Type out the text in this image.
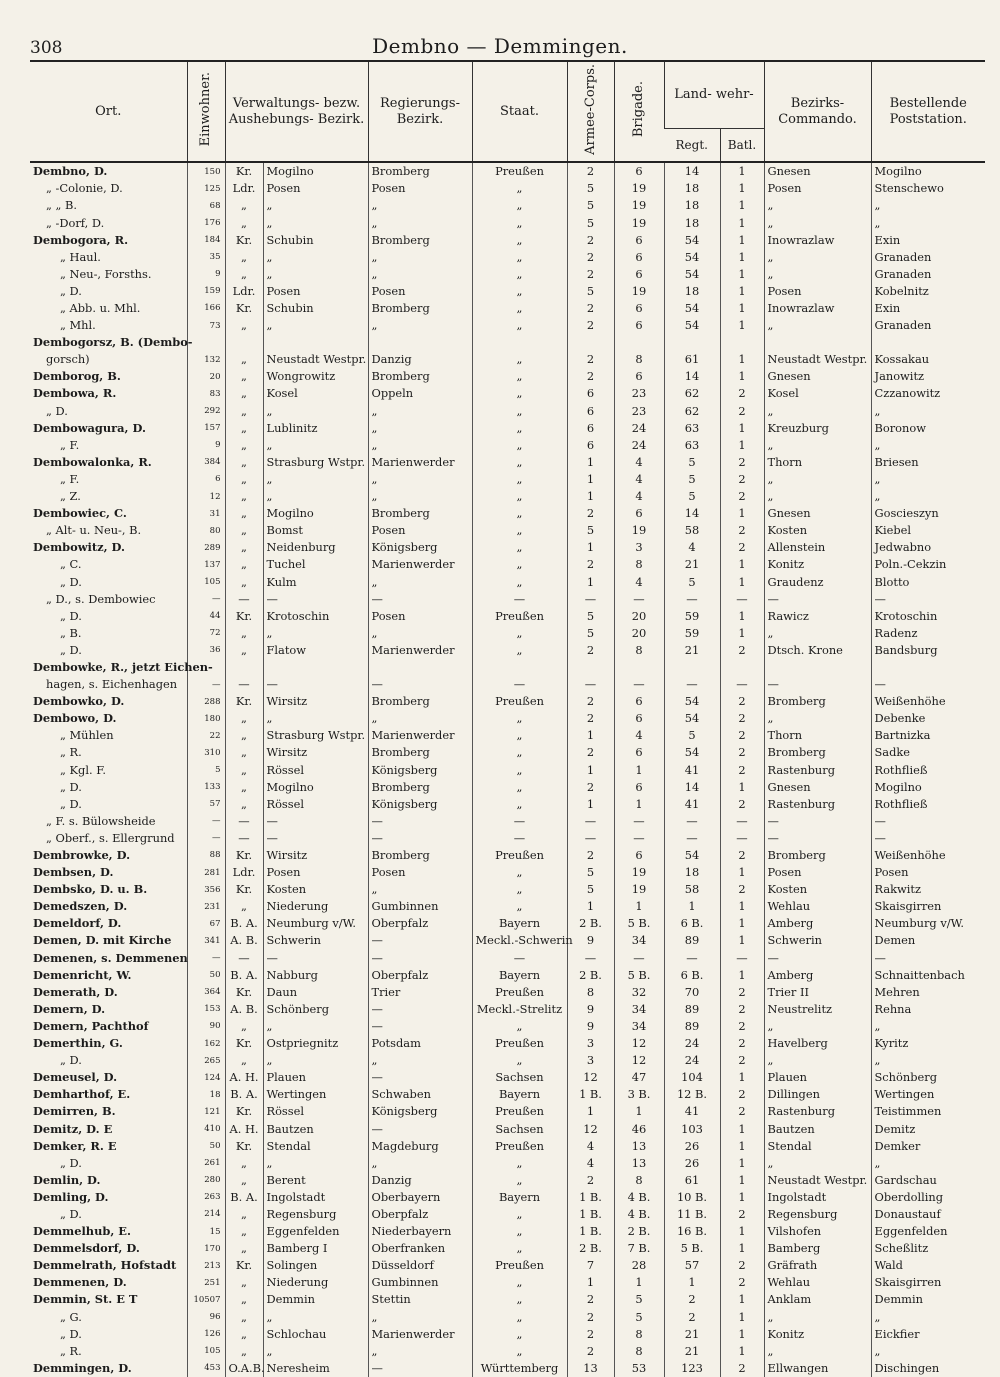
308	Dembno — Demmingen.
Ort.	Einwohner.	Verwaltungs- bezw. Aushebungs- Bezirk.		Regierungs- Bezirk.	Staat.	Armee-Corps.	Brigade.	Land- wehr-		Bezirks- Commando.	Bestellende Poststation.
								Regt.	Batl.		
Dembno, D.	150	Kr.	Mogilno	Bromberg	Preußen	2	6	14	1	Gnesen	Mogilno
„ -Colonie, D.	125	Ldr.	Posen	Posen	„	5	19	18	1	Posen	Stenschewo
„ „ B.	68	„	„	„	„	5	19	18	1	„	„
„ -Dorf, D.	176	„	„	„	„	5	19	18	1	„	„
Dembogora, R.	184	Kr.	Schubin	Bromberg	„	2	6	54	1	Inowrazlaw	Exin
„ Haul.	35	„	„	„	„	2	6	54	1	„	Granaden
„ Neu-, Forsths.	9	„	„	„	„	2	6	54	1	„	Granaden
„ D.	159	Ldr.	Posen	Posen	„	5	19	18	1	Posen	Kobelnitz
„ Abb. u. Mhl.	166	Kr.	Schubin	Bromberg	„	2	6	54	1	Inowrazlaw	Exin
„ Mhl.	73	„	„	„	„	2	6	54	1	„	Granaden
Dembogorsz, B. (Dembo-											
gorsch)	132	„	Neustadt Westpr.	Danzig	„	2	8	61	1	Neustadt Westpr.	Kossakau
Demborog, B.	20	„	Wongrowitz	Bromberg	„	2	6	14	1	Gnesen	Janowitz
Dembowa, R.	83	„	Kosel	Oppeln	„	6	23	62	2	Kosel	Czzanowitz
„ D.	292	„	„	„	„	6	23	62	2	„	„
Dembowagura, D.	157	„	Lublinitz	„	„	6	24	63	1	Kreuzburg	Boronow
„ F.	9	„	„	„	„	6	24	63	1	„	„
Dembowalonka, R.	384	„	Strasburg Wstpr.	Marienwerder	„	1	4	5	2	Thorn	Briesen
„ F.	6	„	„	„	„	1	4	5	2	„	„
„ Z.	12	„	„	„	„	1	4	5	2	„	„
Dembowiec, C.	31	„	Mogilno	Bromberg	„	2	6	14	1	Gnesen	Goscieszyn
„ Alt- u. Neu-, B.	80	„	Bomst	Posen	„	5	19	58	2	Kosten	Kiebel
Dembowitz, D.	289	„	Neidenburg	Königsberg	„	1	3	4	2	Allenstein	Jedwabno
„ C.	137	„	Tuchel	Marienwerder	„	2	8	21	1	Konitz	Poln.-Cekzin
„ D.	105	„	Kulm	„	„	1	4	5	1	Graudenz	Blotto
„ D., s. Dembowiec	—	—	—	—	—	—	—	—	—	—	—
„ D.	44	Kr.	Krotoschin	Posen	Preußen	5	20	59	1	Rawicz	Krotoschin
„ B.	72	„	„	„	„	5	20	59	1	„	Radenz
„ D.	36	„	Flatow	Marienwerder	„	2	8	21	2	Dtsch. Krone	Bandsburg
Dembowke, R., jetzt Eichen-											
hagen, s. Eichenhagen	—	—	—	—	—	—	—	—	—	—	—
Dembowko, D.	288	Kr.	Wirsitz	Bromberg	Preußen	2	6	54	2	Bromberg	Weißenhöhe
Dembowo, D.	180	„	„	„	„	2	6	54	2	„	Debenke
„ Mühlen	22	„	Strasburg Wstpr.	Marienwerder	„	1	4	5	2	Thorn	Bartnizka
„ R.	310	„	Wirsitz	Bromberg	„	2	6	54	2	Bromberg	Sadke
„ Kgl. F.	5	„	Rössel	Königsberg	„	1	1	41	2	Rastenburg	Rothfließ
„ D.	133	„	Mogilno	Bromberg	„	2	6	14	1	Gnesen	Mogilno
„ D.	57	„	Rössel	Königsberg	„	1	1	41	2	Rastenburg	Rothfließ
„ F. s. Bülowsheide	—	—	—	—	—	—	—	—	—	—	—
„ Oberf., s. Ellergrund	—	—	—	—	—	—	—	—	—	—	—
Dembrowke, D.	88	Kr.	Wirsitz	Bromberg	Preußen	2	6	54	2	Bromberg	Weißenhöhe
Dembsen, D.	281	Ldr.	Posen	Posen	„	5	19	18	1	Posen	Posen
Dembsko, D. u. B.	356	Kr.	Kosten	„	„	5	19	58	2	Kosten	Rakwitz
Demedszen, D.	231	„	Niederung	Gumbinnen	„	1	1	1	1	Wehlau	Skaisgirren
Demeldorf, D.	67	B. A.	Neumburg v/W.	Oberpfalz	Bayern	2 B.	5 B.	6 B.	1	Amberg	Neumburg v/W.
Demen, D. mit Kirche	341	A. B.	Schwerin	—	Meckl.-Schwerin	9	34	89	1	Schwerin	Demen
Demenen, s. Demmenen	—	—	—	—	—	—	—	—	—	—	—
Demenricht, W.	50	B. A.	Nabburg	Oberpfalz	Bayern	2 B.	5 B.	6 B.	1	Amberg	Schnaittenbach
Demerath, D.	364	Kr.	Daun	Trier	Preußen	8	32	70	2	Trier II	Mehren
Demern, D.	153	A. B.	Schönberg	—	Meckl.-Strelitz	9	34	89	2	Neustrelitz	Rehna
Demern, Pachthof	90	„	„	—	„	9	34	89	2	„	„
Demerthin, G.	162	Kr.	Ostpriegnitz	Potsdam	Preußen	3	12	24	2	Havelberg	Kyritz
„ D.	265	„	„	„	„	3	12	24	2	„	„
Demeusel, D.	124	A. H.	Plauen	—	Sachsen	12	47	104	1	Plauen	Schönberg
Demharthof, E.	18	B. A.	Wertingen	Schwaben	Bayern	1 B.	3 B.	12 B.	2	Dillingen	Wertingen
Demirren, B.	121	Kr.	Rössel	Königsberg	Preußen	1	1	41	2	Rastenburg	Teistimmen
Demitz, D. E	410	A. H.	Bautzen	—	Sachsen	12	46	103	1	Bautzen	Demitz
Demker, R. E	50	Kr.	Stendal	Magdeburg	Preußen	4	13	26	1	Stendal	Demker
„ D.	261	„	„	„	„	4	13	26	1	„	„
Demlin, D.	280	„	Berent	Danzig	„	2	8	61	1	Neustadt Westpr.	Gardschau
Demling, D.	263	B. A.	Ingolstadt	Oberbayern	Bayern	1 B.	4 B.	10 B.	1	Ingolstadt	Oberdolling
„ D.	214	„	Regensburg	Oberpfalz	„	1 B.	4 B.	11 B.	2	Regensburg	Donaustauf
Demmelhub, E.	15	„	Eggenfelden	Niederbayern	„	1 B.	2 B.	16 B.	1	Vilshofen	Eggenfelden
Demmelsdorf, D.	170	„	Bamberg I	Oberfranken	„	2 B.	7 B.	5 B.	1	Bamberg	Scheßlitz
Demmelrath, Hofstadt	213	Kr.	Solingen	Düsseldorf	Preußen	7	28	57	2	Gräfrath	Wald
Demmenen, D.	251	„	Niederung	Gumbinnen	„	1	1	1	2	Wehlau	Skaisgirren
Demmin, St. E T	10507	„	Demmin	Stettin	„	2	5	2	1	Anklam	Demmin
„ G.	96	„	„	„	„	2	5	2	1	„	„
„ D.	126	„	Schlochau	Marienwerder	„	2	8	21	1	Konitz	Eickfier
„ R.	105	„	„	„	„	2	8	21	1	„	„
Demmingen, D.	453	O.A.B.	Neresheim	—	Württemberg	13	53	123	2	Ellwangen	Dischingen
